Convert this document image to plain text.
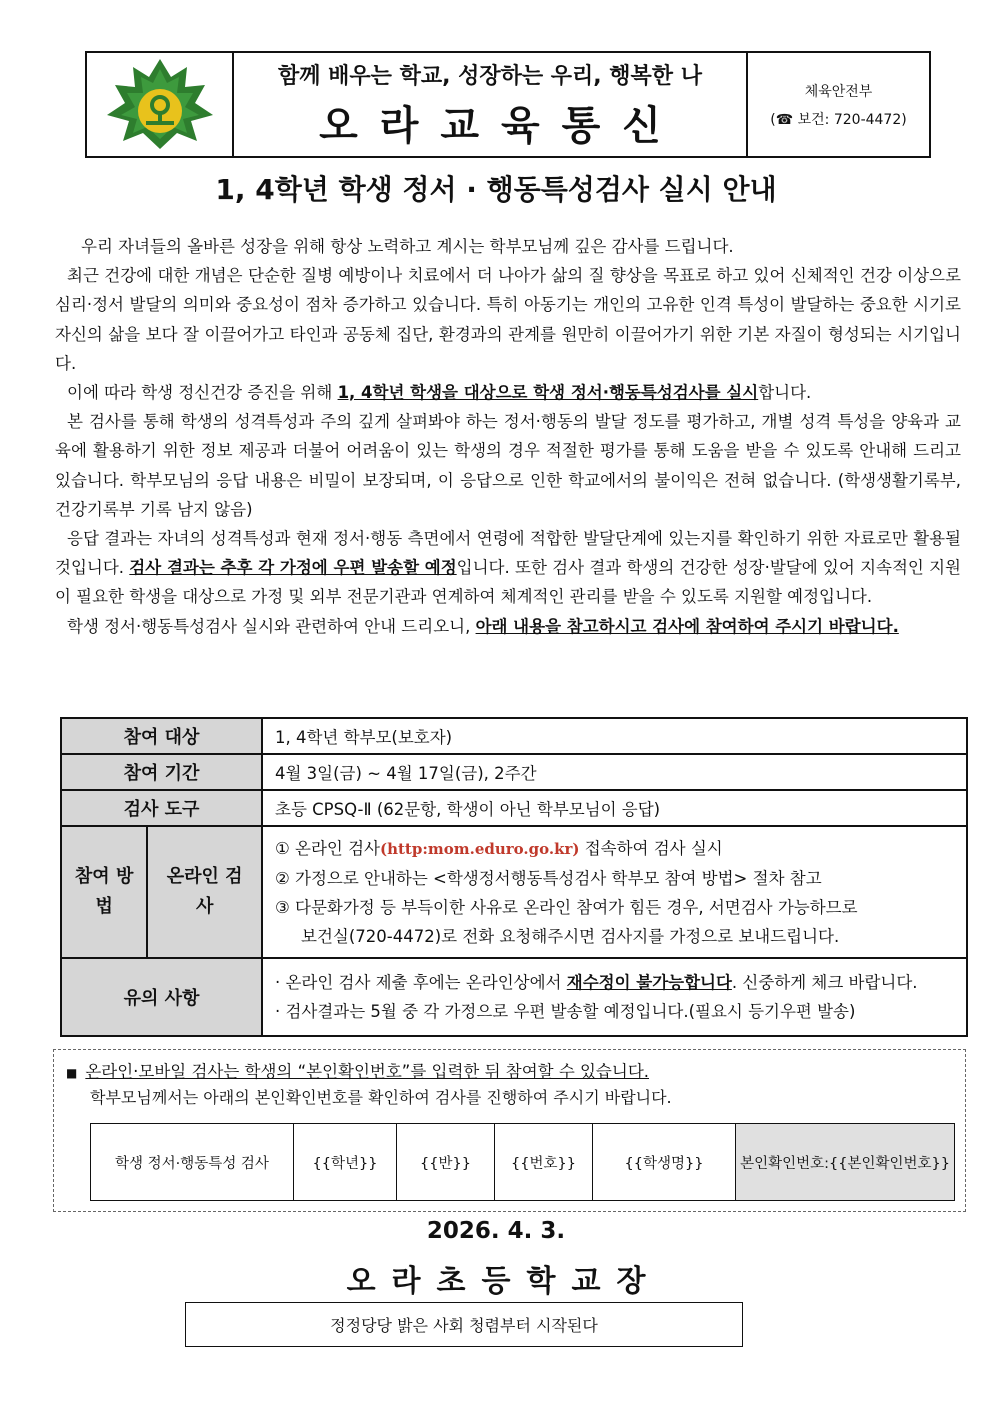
함께 배우는 학교, 성장하는 우리, 행복한 나
오라교육통신
체육안전부
(☎ 보건: 720-4472)
1, 4학년 학생 정서 · 행동특성검사 실시 안내

우리 자녀들의 올바른 성장을 위해 항상 노력하고 계시는 학부모님께 깊은 감사를 드립니다.

최근 건강에 대한 개념은 단순한 질병 예방이나 치료에서 더 나아가 삶의 질 향상을 목표로 하고 있어 신체적인 건강 이상으로 심리·정서 발달의 의미와 중요성이 점차 증가하고 있습니다. 특히 아동기는 개인의 고유한 인격 특성이 발달하는 중요한 시기로 자신의 삶을 보다 잘 이끌어가고 타인과 공동체 집단, 환경과의 관계를 원만히 이끌어가기 위한 기본 자질이 형성되는 시기입니다.

이에 따라 학생 정신건강 증진을 위해 1, 4학년 학생을 대상으로 학생 정서·행동특성검사를 실시합니다.

본 검사를 통해 학생의 성격특성과 주의 깊게 살펴봐야 하는 정서·행동의 발달 정도를 평가하고, 개별 성격 특성을 양육과 교육에 활용하기 위한 정보 제공과 더불어 어려움이 있는 학생의 경우 적절한 평가를 통해 도움을 받을 수 있도록 안내해 드리고 있습니다. 학부모님의 응답 내용은 비밀이 보장되며, 이 응답으로 인한 학교에서의 불이익은 전혀 없습니다. (학생생활기록부, 건강기록부 기록 남지 않음)

응답 결과는 자녀의 성격특성과 현재 정서·행동 측면에서 연령에 적합한 발달단계에 있는지를 확인하기 위한 자료로만 활용될 것입니다. 검사 결과는 추후 각 가정에 우편 발송할 예정입니다. 또한 검사 결과 학생의 건강한 성장·발달에 있어 지속적인 지원이 필요한 학생을 대상으로 가정 및 외부 전문기관과 연계하여 체계적인 관리를 받을 수 있도록 지원할 예정입니다.

학생 정서·행동특성검사 실시와 관련하여 안내 드리오니, 아래 내용을 참고하시고 검사에 참여하여 주시기 바랍니다.

참여 대상		1, 4학년 학부모(보호자)
참여 기간		4월 3일(금) ~ 4월 17일(금), 2주간
검사 도구		초등 CPSQ-Ⅱ (62문항, 학생이 아닌 학부모님이 응답)
참여 방법	온라인 검사	① 온라인 검사(http:mom.eduro.go.kr) 접속하여 검사 실시
② 가정으로 안내하는 <학생정서행동특성검사 학부모 참여 방법> 절차 참고
③ 다문화가정 등 부득이한 사유로 온라인 참여가 힘든 경우, 서면검사 가능하므로
보건실(720-4472)로 전화 요청해주시면 검사지를 가정으로 보내드립니다.

유의 사항		· 온라인 검사 제출 후에는 온라인상에서 재수정이 불가능합니다. 신중하게 체크 바랍니다.
· 검사결과는 5월 중 각 가정으로 우편 발송할 예정입니다.(필요시 등기우편 발송)
■ 온라인·모바일 검사는 학생의 “본인확인번호”를 입력한 뒤 참여할 수 있습니다.
학부모님께서는 아래의 본인확인번호를 확인하여 검사를 진행하여 주시기 바랍니다.
학생 정서·행동특성 검사	{{학년}}	{{반}}	{{번호}}	{{학생명}}	본인확인번호:{{본인확인번호}}
2026. 4. 3.
오라초등학교장
정정당당 밝은 사회 청렴부터 시작된다
